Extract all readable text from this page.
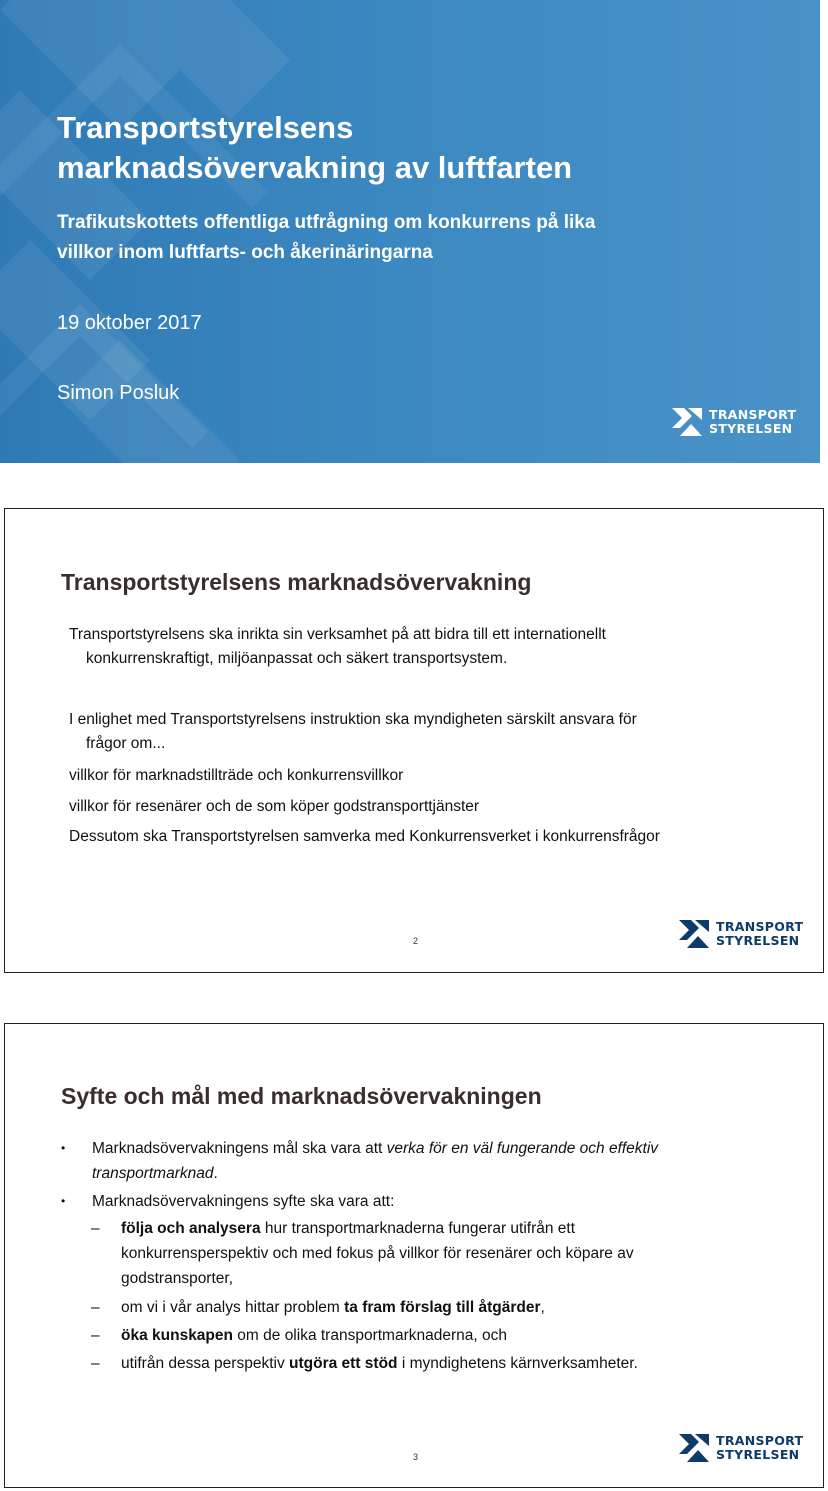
Transportstyrelsens
marknadsövervakning av luftfarten
Trafikutskottets offentliga utfrågning om konkurrens på lika
villkor inom luftfarts- och åkerinäringarna
19 oktober 2017
Simon Posluk
TRANSPORT
STYRELSEN
Transportstyrelsens marknadsövervakning
Transportstyrelsens ska inrikta sin verksamhet på att bidra till ett internationellt
konkurrenskraftigt, miljöanpassat och säkert transportsystem.
I enlighet med Transportstyrelsens instruktion ska myndigheten särskilt ansvara för
frågor om...
villkor för marknadstillträde och konkurrensvillkor
villkor för resenärer och de som köper godstransporttjänster
Dessutom ska Transportstyrelsen samverka med Konkurrensverket i konkurrensfrågor
2
TRANSPORT
STYRELSEN
Syfte och mål med marknadsövervakningen
• Marknadsövervakningens mål ska vara att verka för en väl fungerande och effektiv
transportmarknad.
• Marknadsövervakningens syfte ska vara att:
– följa och analysera hur transportmarknaderna fungerar utifrån ett
konkurrensperspektiv och med fokus på villkor för resenärer och köpare av
godstransporter,
– om vi i vår analys hittar problem ta fram förslag till åtgärder,
– öka kunskapen om de olika transportmarknaderna, och
– utifrån dessa perspektiv utgöra ett stöd i myndighetens kärnverksamheter.
3
TRANSPORT
STYRELSEN
